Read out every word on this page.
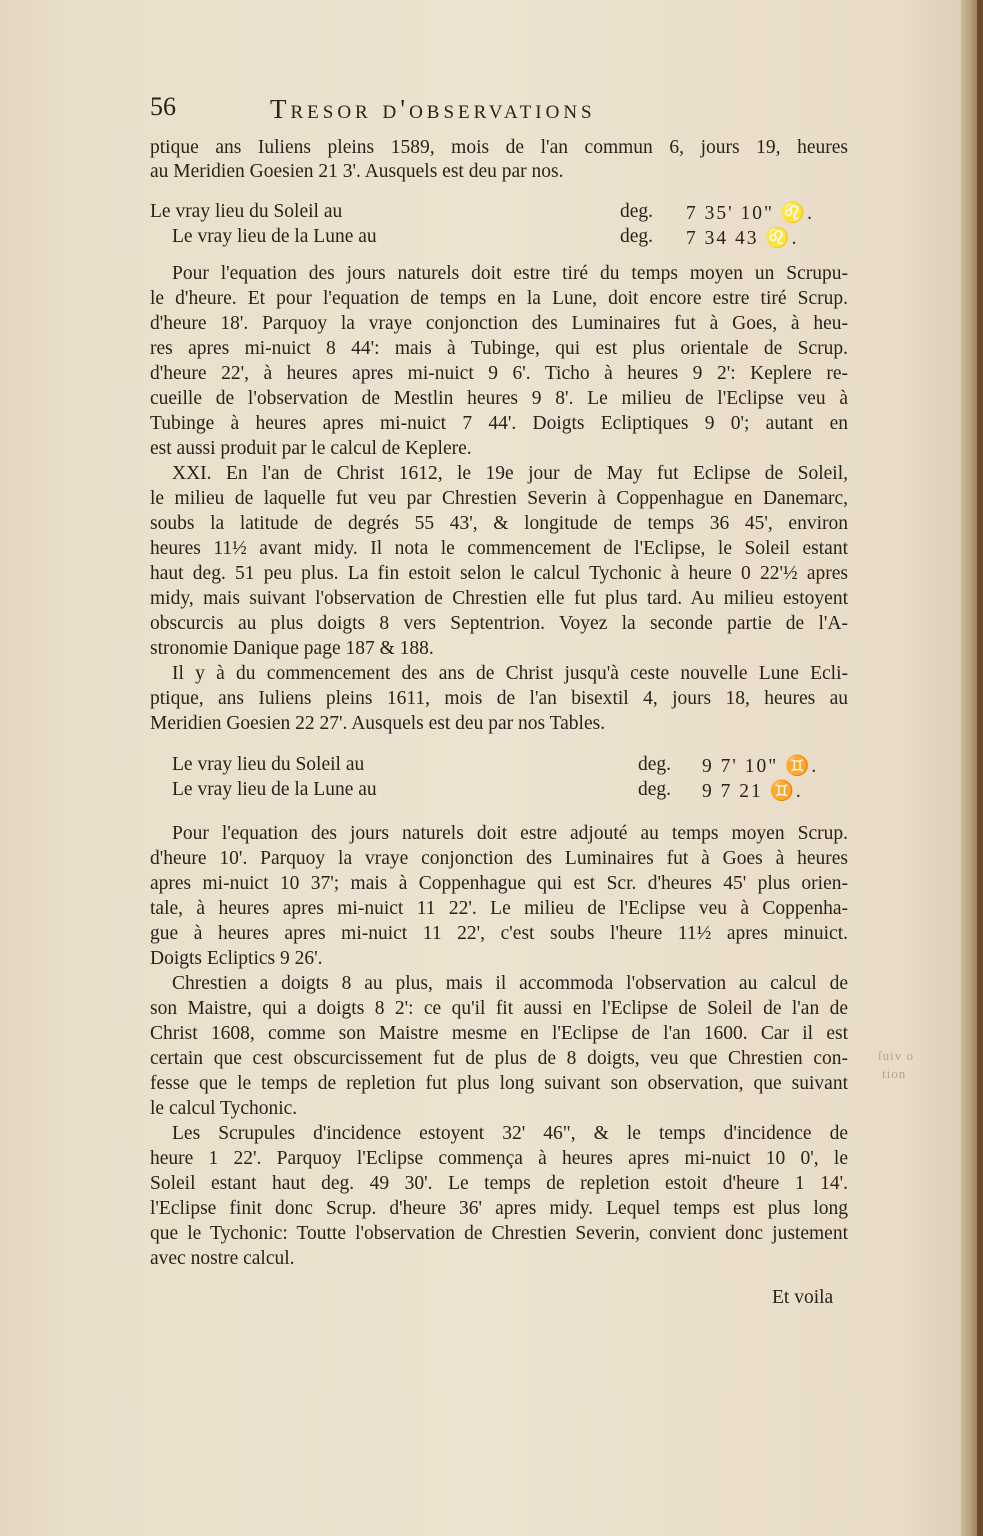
56	Tresor d'observations
ptique ans Iuliens pleins 1589, mois de l'an commun 6, jours 19, heures
au Meridien Goesien 21 3'. Ausquels est deu par nos.
Le vray lieu du Soleil au	deg. 7 35' 10" ♌.
Le vray lieu de la Lune au	deg. 7 34 43 ♌.
Pour l'equation des jours naturels doit estre tiré du temps moyen un Scrupu-
le d'heure. Et pour l'equation de temps en la Lune, doit encore estre tiré Scrup.
d'heure 18'. Parquoy la vraye conjonction des Luminaires fut à Goes, à heu-
res apres mi-nuict 8 44': mais à Tubinge, qui est plus orientale de Scrup.
d'heure 22', à heures apres mi-nuict 9 6'. Ticho à heures 9 2': Keplere re-
cueille de l'observation de Mestlin heures 9 8'. Le milieu de l'Eclipse veu à
Tubinge à heures apres mi-nuict 7 44'. Doigts Ecliptiques 9 0'; autant en
est aussi produit par le calcul de Keplere.
XXI. En l'an de Christ 1612, le 19e jour de May fut Eclipse de Soleil,
le milieu de laquelle fut veu par Chrestien Severin à Coppenhague en Danemarc,
soubs la latitude de degrés 55 43', & longitude de temps 36 45', environ
heures 11½ avant midy. Il nota le commencement de l'Eclipse, le Soleil estant
haut deg. 51 peu plus. La fin estoit selon le calcul Tychonic à heure 0 22'½ apres
midy, mais suivant l'observation de Chrestien elle fut plus tard. Au milieu estoyent
obscurcis au plus doigts 8 vers Septentrion. Voyez la seconde partie de l'A-
stronomie Danique page 187 & 188.
Il y à du commencement des ans de Christ jusqu'à ceste nouvelle Lune Ecli-
ptique, ans Iuliens pleins 1611, mois de l'an bisextil 4, jours 18, heures au
Meridien Goesien 22 27'. Ausquels est deu par nos Tables.
Le vray lieu du Soleil au	deg. 9 7' 10" ♊.
Le vray lieu de la Lune au	deg. 9 7 21 ♊.
Pour l'equation des jours naturels doit estre adjouté au temps moyen Scrup.
d'heure 10'. Parquoy la vraye conjonction des Luminaires fut à Goes à heures
apres mi-nuict 10 37'; mais à Coppenhague qui est Scr. d'heures 45' plus orien-
tale, à heures apres mi-nuict 11 22'. Le milieu de l'Eclipse veu à Coppenha-
gue à heures apres mi-nuict 11 22', c'est soubs l'heure 11½ apres minuict.
Doigts Ecliptics 9 26'.
Chrestien a doigts 8 au plus, mais il accommoda l'observation au calcul de
son Maistre, qui a doigts 8 2': ce qu'il fit aussi en l'Eclipse de Soleil de l'an de
Christ 1608, comme son Maistre mesme en l'Eclipse de l'an 1600. Car il est
certain que cest obscurcissement fut de plus de 8 doigts, veu que Chrestien con-
fesse que le temps de repletion fut plus long suivant son observation, que suivant
le calcul Tychonic.
Les Scrupules d'incidence estoyent 32' 46", & le temps d'incidence de
heure 1 22'. Parquoy l'Eclipse commença à heures apres mi-nuict 10 0', le
Soleil estant haut deg. 49 30'. Le temps de repletion estoit d'heure 1 14'.
l'Eclipse finit donc Scrup. d'heure 36' apres midy. Lequel temps est plus long
que le Tychonic: Toutte l'observation de Chrestien Severin, convient donc justement
avec nostre calcul.
Et voila
ſuiv o
tion
